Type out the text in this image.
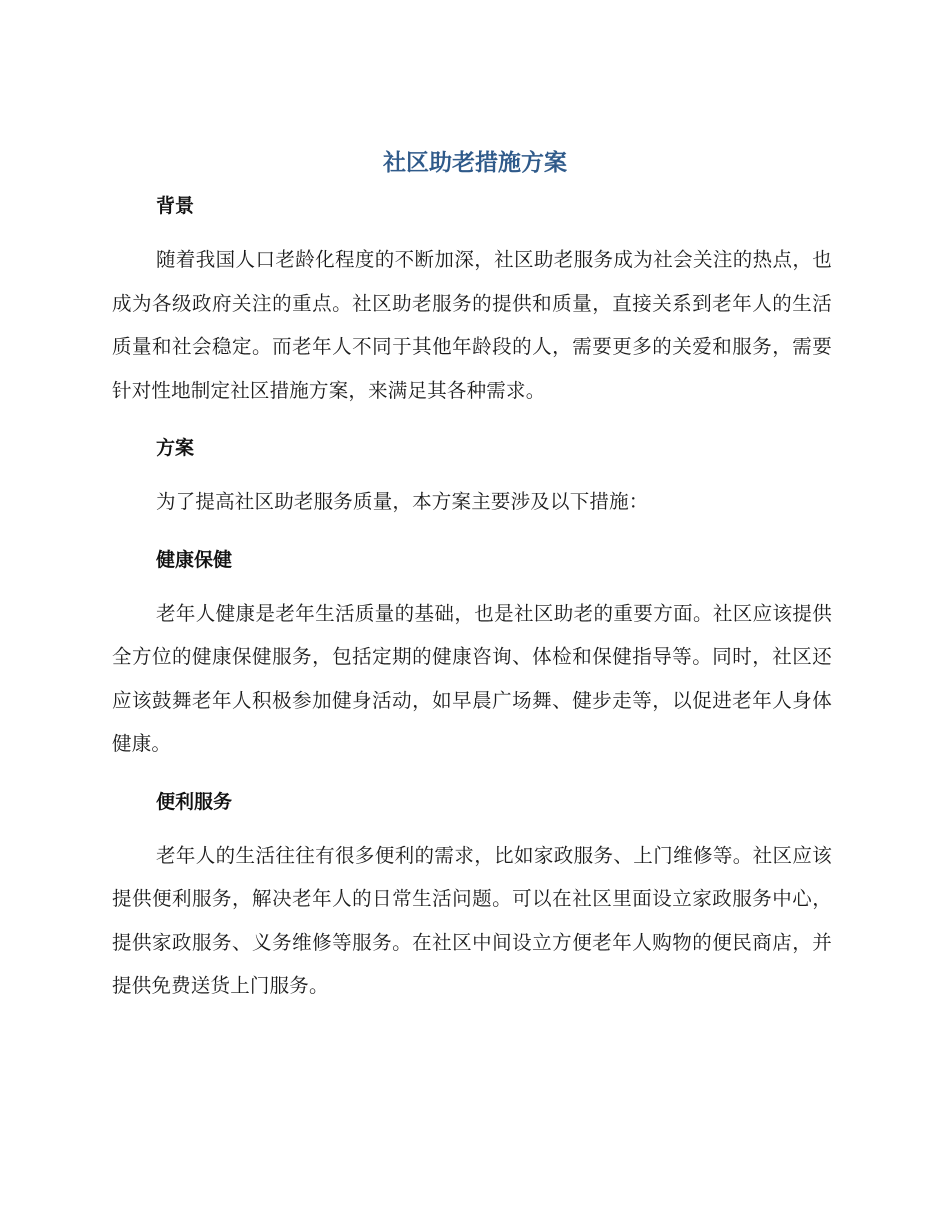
社区助老措施方案
背景

随着我国人口老龄化程度的不断加深，社区助老服务成为社会关注的热点，也成为各级政府关注的重点。社区助老服务的提供和质量，直接关系到老年人的生活质量和社会稳定。而老年人不同于其他年龄段的人，需要更多的关爱和服务，需要针对性地制定社区措施方案，来满足其各种需求。

方案

为了提高社区助老服务质量，本方案主要涉及以下措施：

健康保健

老年人健康是老年生活质量的基础，也是社区助老的重要方面。社区应该提供全方位的健康保健服务，包括定期的健康咨询、体检和保健指导等。同时，社区还应该鼓舞老年人积极参加健身活动，如早晨广场舞、健步走等，以促进老年人身体健康。

便利服务

老年人的生活往往有很多便利的需求，比如家政服务、上门维修等。社区应该提供便利服务，解决老年人的日常生活问题。可以在社区里面设立家政服务中心，提供家政服务、义务维修等服务。在社区中间设立方便老年人购物的便民商店，并提供免费送货上门服务。
